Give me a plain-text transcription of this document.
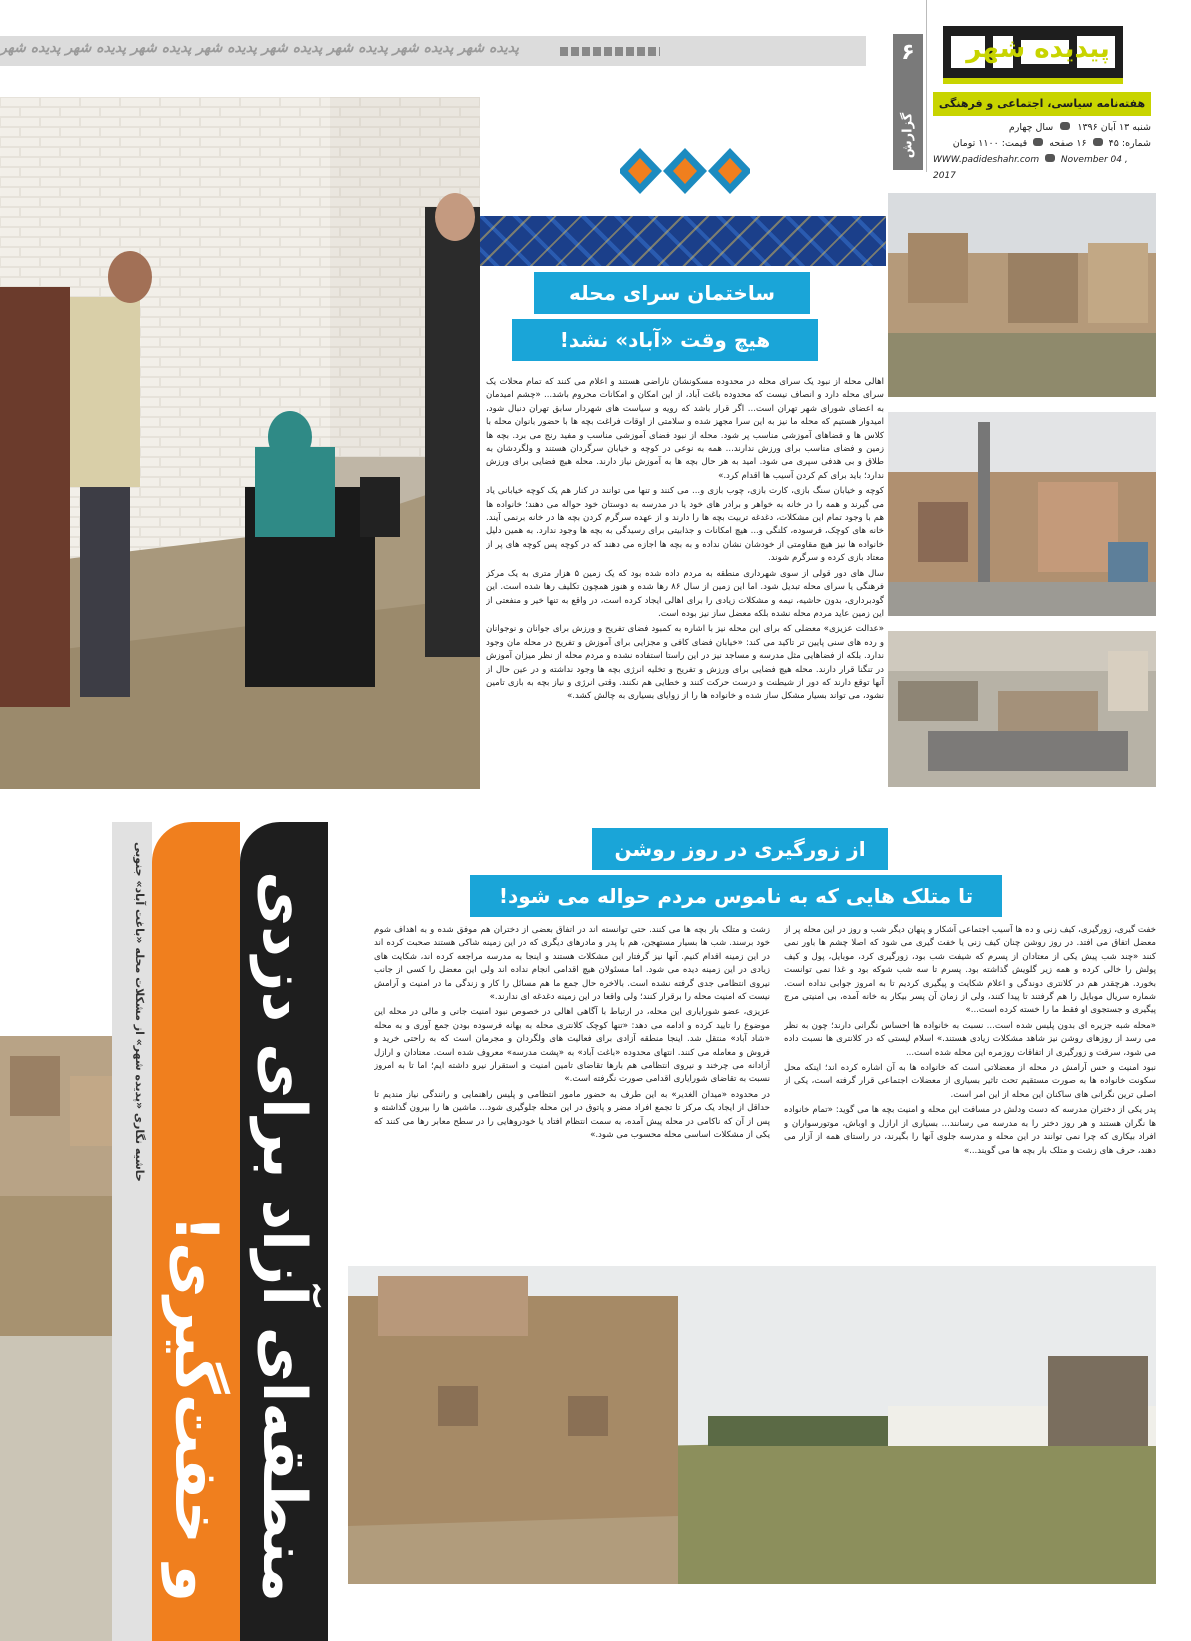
پیدیده شهر
هفته‌نامه سیاسی، اجتماعی و فرهنگی
شنبه ۱۳ آبان ۱۳۹۶  سال چهارم
شماره: ۴۵  ۱۶ صفحه  قیمت: ۱۱۰۰ تومان
WWW.padideshahr.com November 04 , 2017
۶
گزارش
پدیده شهر پدیده شهر پدیده شهر پدیده شهر پدیده شهر پدیده شهر پدیده شهر پدیده شهر
ساختمان سرای محله
هیچ وقت «آباد» نشد!

اهالی محله از نبود یک سرای محله در محدوده مسکونشان ناراضی هستند و اعلام می کنند که تمام محلات یک سرای محله دارد و انصاف نیست که محدوده باغت آباد، از این امکان و امکانات محروم باشد... «چشم امیدمان به اعضای شورای شهر تهران است... اگر قرار باشد که رویه و سیاست های شهردار سابق تهران دنبال شود، امیدوار هستیم که محله ما نیز به این سرا مجهز شده و سلامتی از اوقات فراغت بچه ها با حضور بانوان محله با کلاس ها و فضاهای آموزشی مناسب پر شود. محله از نبود فضای آموزشی مناسب و مفید رنج می برد. بچه ها زمین و فضای مناسب برای ورزش ندارند... همه به نوعی در کوچه و خیابان سرگردان هستند و ولگردشان به طلاق و بی هدفی سپری می شود. امید به هر حال بچه ها به آموزش نیاز دارند. محله هیچ فضایی برای ورزش ندارد؛ باید برای کم کردن آسیب ها اقدام کرد.»

کوچه و خیابان سنگ بازی، کارت بازی، چوب بازی و... می کنند و تنها می توانند در کنار هم یک کوچه خیابانی یاد می گیرند و همه را در خانه به خواهر و برادر های خود یا در مدرسه به دوستان خود حواله می دهند؛ خانواده ها هم با وجود تمام این مشکلات، دغدغه تربیت بچه ها را دارند و از عهده سرگرم کردن بچه ها در خانه برنمی آیند. خانه های کوچک، فرسوده، کلنگی و... هیچ امکانات و جذابیتی برای رسیدگی به بچه ها وجود ندارد. به همین دلیل خانواده ها نیز هیچ مقاومتی از خودشان نشان نداده و به بچه ها اجازه می دهند که در کوچه پس کوچه های پر از معتاد بازی کرده و سرگرم شوند.

سال های دور قولی از سوی شهرداری منطقه به مردم داده شده بود که یک زمین ۵ هزار متری به یک مرکز فرهنگی یا سرای محله تبدیل شود. اما این زمین از سال ۸۶ رها شده و هنوز همچون تکلیف رها شده است. این گودبرداری، بدون حاشیه، نیمه و مشکلات زیادی را برای اهالی ایجاد کرده است، در واقع به تنها خیر و منفعتی از این زمین عاید مردم محله نشده بلکه معضل ساز نیز بوده است.

«عدالت عزیزی» معضلی که برای این محله نیز با اشاره به کمبود فضای تفریح و ورزش برای جوانان و نوجوانان و رده های سنی پایین تر تاکید می کند: «خیابان فضای کافی و مجزایی برای آموزش و تفریح در محله مان وجود ندارد. بلکه از فضاهایی مثل مدرسه و مساجد نیز در این راستا استفاده نشده و مردم محله از نظر میزان آموزش در تنگنا قرار دارند. محله هیچ فضایی برای ورزش و تفریح و تخلیه انرژی بچه ها وجود نداشته و در عین حال از آنها توقع دارند که دور از شیطنت و درست حرکت کنند و خطایی هم نکنند. وقتی انرژی و نیاز بچه به بازی تامین نشود، می تواند بسیار مشکل ساز شده و خانواده ها را از زوایای بسیاری به چالش کشد.»

از زورگیری در روز روشن
تا متلک هایی که به ناموس مردم حواله می شود!

خفت گیری، زورگیری، کیف زنی و ده ها آسیب اجتماعی آشکار و پنهان دیگر شب و روز در این محله پر از معضل اتفاق می افتد. در روز روشن چنان کیف زنی یا خفت گیری می شود که اصلا چشم ها باور نمی کنند «چند شب پیش یکی از معتادان از پسرم که شیفت شب بود، زورگیری کرد، موبایل، پول و کیف پولش را خالی کرده و همه زیر گلویش گذاشته بود. پسرم تا سه شب شوکه بود و غذا نمی توانست بخورد. هرچقدر هم در کلانتری دوندگی و اعلام شکایت و پیگیری کردیم تا به امروز جوابی نداده است. شماره سریال موبایل را هم گرفتند تا پیدا کنند، ولی از زمان آن پسر بیکار به خانه آمده، بی امنیتی مرج پیگیری و جستجوی او فقط ما را خسته کرده است...»

«محله شبه جزیره ای بدون پلیس شده است... نسبت به خانواده ها احساس نگرانی دارند؛ چون به نظر می رسد از روزهای روشن نیز شاهد مشکلات زیادی هستند.» اسلام لیستی که در کلانتری ها نسبت داده می شود، سرقت و زورگیری از اتفاقات روزمره این محله شده است...

نبود امنیت و حس آرامش در محله از معضلاتی است که خانواده ها به آن اشاره کرده اند؛ اینکه محل سکونت خانواده ها به صورت مستقیم تحت تاثیر بسیاری از معضلات اجتماعی قرار گرفته است، یکی از اصلی ترین نگرانی های ساکنان این محله از این امر است.

پدر یکی از دختران مدرسه که دست ودلش در مسافت این محله و امنیت بچه ها می گوید: «تمام خانواده ها نگران هستند و هر روز دختر را به مدرسه می رسانند... بسیاری از ارازل و اوباش، موتورسواران و افراد بیکاری که چرا نمی توانند در این محله و مدرسه جلوی آنها را بگیرند، در راستای همه از آزار می دهند، حرف های زشت و متلک بار بچه ها می گویند...»

زشت و متلک بار بچه ها می کنند. حتی توانسته اند در اتفاق بعضی از دختران هم موفق شده و به اهداف شوم خود برسند. شب ها بسیار مستهجن، هم با پدر و مادرهای دیگری که در این زمینه شاکی هستند صحبت کرده اند در این زمینه اقدام کنیم. آنها نیز گرفتار این مشکلات هستند و اینجا به مدرسه مراجعه کرده اند، شکایت های زیادی در این زمینه دیده می شود. اما مسئولان هیچ اقدامی انجام نداده اند ولی این معضل را کسی از جانب نیروی انتظامی جدی گرفته نشده است. بالاخره حال جمع ما هم مسائل را کار و زندگی ما در امنیت و آرامش نیست که امنیت محله را برقرار کنند؛ ولی واقعا در این زمینه دغدغه ای ندارند.»

عزیزی، عضو شورایاری این محله، در ارتباط با آگاهی اهالی در خصوص نبود امنیت جانی و مالی در محله این موضوع را تایید کرده و ادامه می دهد: «تنها کوچک کلانتری محله به بهانه فرسوده بودن جمع آوری و به محله «شاد آباد» منتقل شد. اینجا منطقه آزادی برای فعالیت های ولگردان و مجرمان است که به راحتی خرید و فروش و معامله می کنند. انتهای محدوده «باغت آباد» به «پشت مدرسه» معروف شده است. معتادان و ارازل آزادانه می چرخند و نیروی انتظامی هم بارها تقاضای تامین امنیت و استقرار نیرو داشته ایم؛ اما تا به امروز نسبت به تقاضای شورایاری اقدامی صورت نگرفته است.»

در محدوده «میدان الغدیر» به این طرف به حضور مامور انتظامی و پلیس راهنمایی و رانندگی نیاز مندیم تا حداقل از ایجاد یک مرکز تا تجمع افراد مضر و پاتوق در این محله جلوگیری شود... ماشین ها را بیرون گذاشته و پس از آن که ناکامی در محله پیش آمده، به سمت انتظام افتاد یا خودروهایی را در سطح معابر رها می کنند که یکی از مشکلات اساسی محله محسوب می شود.»

حاشیه نگاری «پدیده شهر» از مشکلات محله «باغت آباد» جنوبی	منطقه‌ای آزاد برای دزدی و خفت‌گیری!
